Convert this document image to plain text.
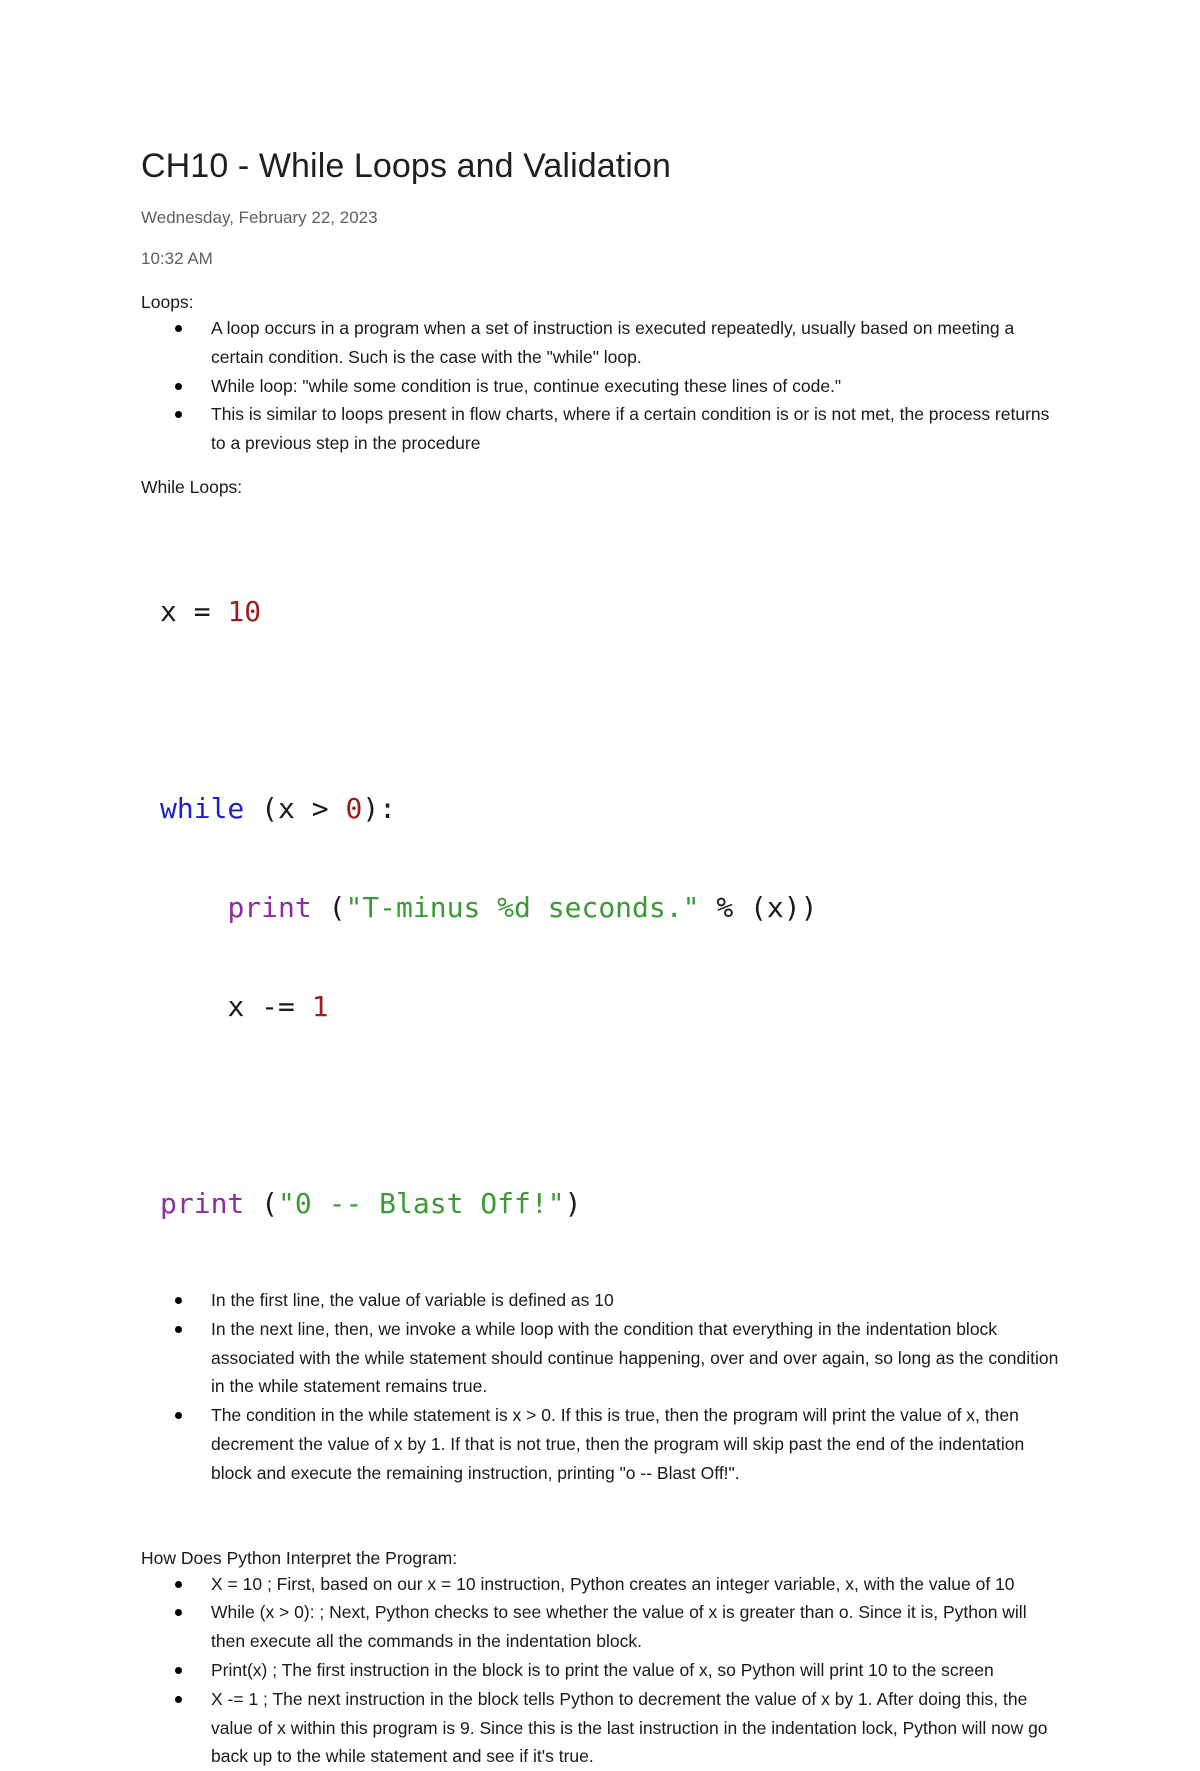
CH10 - While Loops and Validation
Wednesday, February 22, 2023
10:32 AM

Loops:

A loop occurs in a program when a set of instruction is executed repeatedly, usually based on meeting a certain condition. Such is the case with the "while" loop.
While loop: "while some condition is true, continue executing these lines of code."
This is similar to loops present in flow charts, where if a certain condition is or is not met, the process returns to a previous step in the procedure

While Loops:

x = 10

while (x > 0):

print ("T-minus %d seconds." % (x))

x -= 1

print ("0 -- Blast Off!")

In the first line, the value of variable is defined as 10
In the next line, then, we invoke a while loop with the condition that everything in the indentation block associated with the while statement should continue happening, over and over again, so long as the condition in the while statement remains true.
The condition in the while statement is x > 0. If this is true, then the program will print the value of x, then decrement the value of x by 1. If that is not true, then the program will skip past the end of the indentation block and execute the remaining instruction, printing "o -- Blast Off!".

How Does Python Interpret the Program:

X = 10 ; First, based on our x = 10 instruction, Python creates an integer variable, x, with the value of 10
While (x > 0): ; Next, Python checks to see whether the value of x is greater than o. Since it is, Python will then execute all the commands in the indentation block.
Print(x) ; The first instruction in the block is to print the value of x, so Python will print 10 to the screen
X -= 1 ; The next instruction in the block tells Python to decrement the value of x by 1. After doing this, the value of x within this program is 9. Since this is the last instruction in the indentation lock, Python will now go back up to the while statement and see if it's true.
